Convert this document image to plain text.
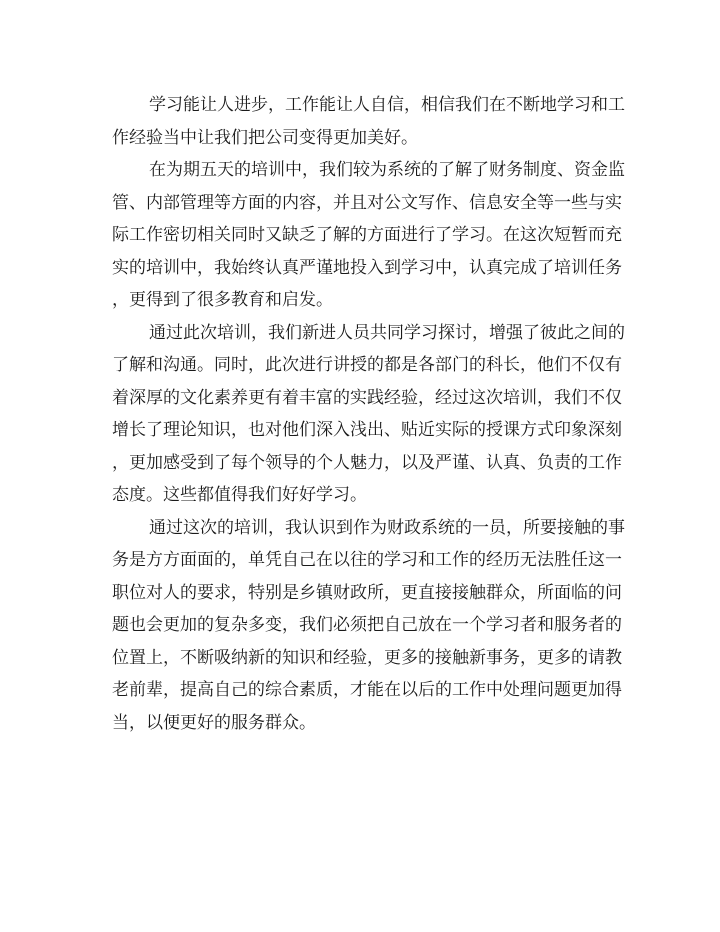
学习能让人进步，工作能让人自信，相信我们在不断地学习和工
作经验当中让我们把公司变得更加美好。
在为期五天的培训中，我们较为系统的了解了财务制度、资金监
管、内部管理等方面的内容，并且对公文写作、信息安全等一些与实
际工作密切相关同时又缺乏了解的方面进行了学习。在这次短暂而充
实的培训中，我始终认真严谨地投入到学习中，认真完成了培训任务
，更得到了很多教育和启发。
通过此次培训，我们新进人员共同学习探讨，增强了彼此之间的
了解和沟通。同时，此次进行讲授的都是各部门的科长，他们不仅有
着深厚的文化素养更有着丰富的实践经验，经过这次培训，我们不仅
增长了理论知识，也对他们深入浅出、贴近实际的授课方式印象深刻
，更加感受到了每个领导的个人魅力，以及严谨、认真、负责的工作
态度。这些都值得我们好好学习。
通过这次的培训，我认识到作为财政系统的一员，所要接触的事
务是方方面面的，单凭自己在以往的学习和工作的经历无法胜任这一
职位对人的要求，特别是乡镇财政所，更直接接触群众，所面临的问
题也会更加的复杂多变，我们必须把自己放在一个学习者和服务者的
位置上，不断吸纳新的知识和经验，更多的接触新事务，更多的请教
老前辈，提高自己的综合素质，才能在以后的工作中处理问题更加得
当，以便更好的服务群众。
